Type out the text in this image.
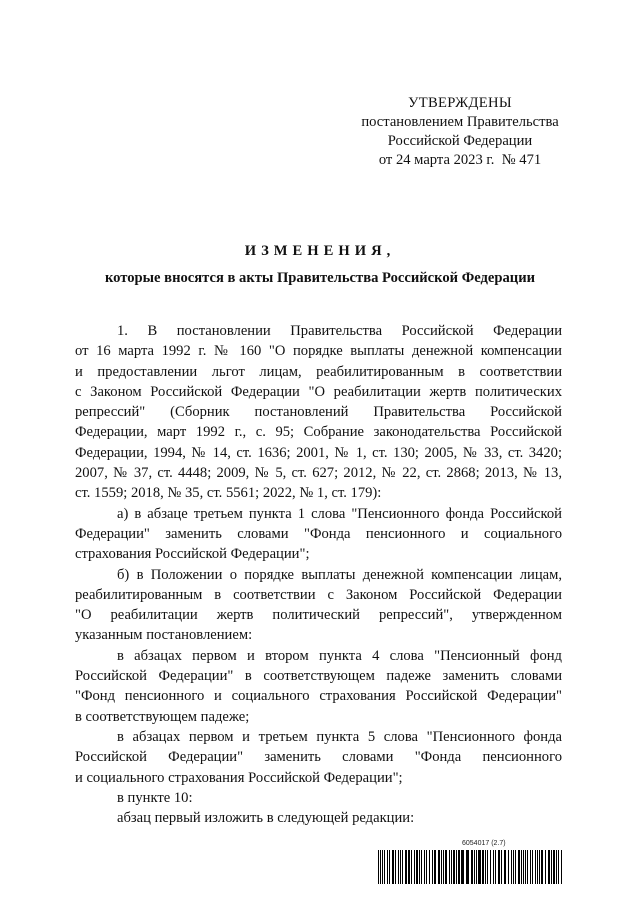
УТВЕРЖДЕНЫ
постановлением Правительства
Российской Федерации
от 24 марта 2023 г.  № 471
ИЗМЕНЕНИЯ,
которые вносятся в акты Правительства Российской Федерации
1. В постановлении Правительства Российской Федерации
от 16 марта 1992 г. № 160 "О порядке выплаты денежной компенсации
и предоставлении льгот лицам, реабилитированным в соответствии
с Законом Российской Федерации "О реабилитации жертв политических
репрессий" (Сборник постановлений Правительства Российской
Федерации, март 1992 г., с. 95; Собрание законодательства Российской
Федерации, 1994, № 14, ст. 1636; 2001, № 1, ст. 130; 2005, № 33, ст. 3420;
2007, № 37, ст. 4448; 2009, № 5, ст. 627; 2012, № 22, ст. 2868; 2013, № 13,
ст. 1559; 2018, № 35, ст. 5561; 2022, № 1, ст. 179):
а) в абзаце третьем пункта 1 слова "Пенсионного фонда Российской
Федерации" заменить словами "Фонда пенсионного и социального
страхования Российской Федерации";
б) в Положении о порядке выплаты денежной компенсации лицам,
реабилитированным в соответствии с Законом Российской Федерации
"О реабилитации жертв политический репрессий", утвержденном
указанным постановлением:
в абзацах первом и втором пункта 4 слова "Пенсионный фонд
Российской Федерации" в соответствующем падеже заменить словами
"Фонд пенсионного и социального страхования Российской Федерации"
в соответствующем падеже;
в абзацах первом и третьем пункта 5 слова "Пенсионного фонда
Российской Федерации" заменить словами "Фонда пенсионного
и социального страхования Российской Федерации";
в пункте 10:
абзац первый изложить в следующей редакции:
6054017 (2.7)
